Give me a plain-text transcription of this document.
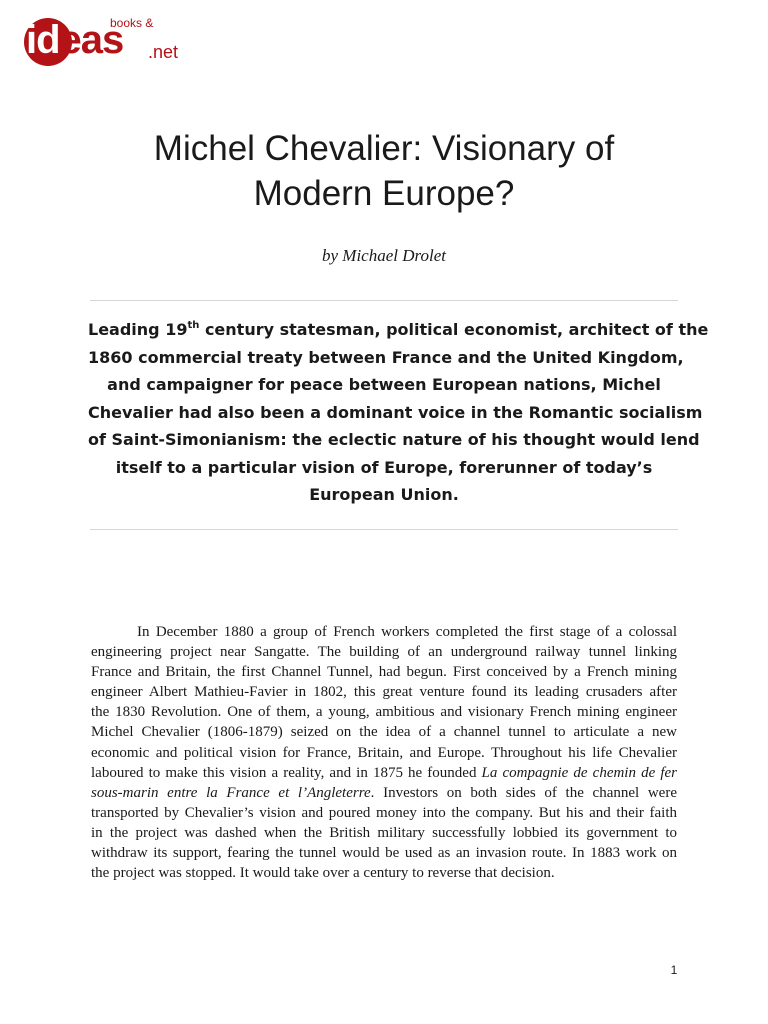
ideas
books &
.net
Michel Chevalier: Visionary of
Modern Europe?
by Michael Drolet
Leading 19th century statesman, political economist, architect of the
1860 commercial treaty between France and the United Kingdom,
and campaigner for peace between European nations, Michel
Chevalier had also been a dominant voice in the Romantic socialism
of Saint-Simonianism: the eclectic nature of his thought would lend
itself to a particular vision of Europe, forerunner of today’s
European Union.
In December 1880 a group of French workers completed the first stage of a colossal
engineering project near Sangatte. The building of an underground railway tunnel linking
France and Britain, the first Channel Tunnel, had begun. First conceived by a French mining
engineer Albert Mathieu-Favier in 1802, this great venture found its leading crusaders after
the 1830 Revolution. One of them, a young, ambitious and visionary French mining engineer
Michel Chevalier (1806-1879) seized on the idea of a channel tunnel to articulate a new
economic and political vision for France, Britain, and Europe. Throughout his life Chevalier
laboured to make this vision a reality, and in 1875 he founded La compagnie de chemin de fer
sous-marin entre la France et l’Angleterre. Investors on both sides of the channel were
transported by Chevalier’s vision and poured money into the company. But his and their faith
in the project was dashed when the British military successfully lobbied its government to
withdraw its support, fearing the tunnel would be used as an invasion route. In 1883 work on
the project was stopped. It would take over a century to reverse that decision.
1
